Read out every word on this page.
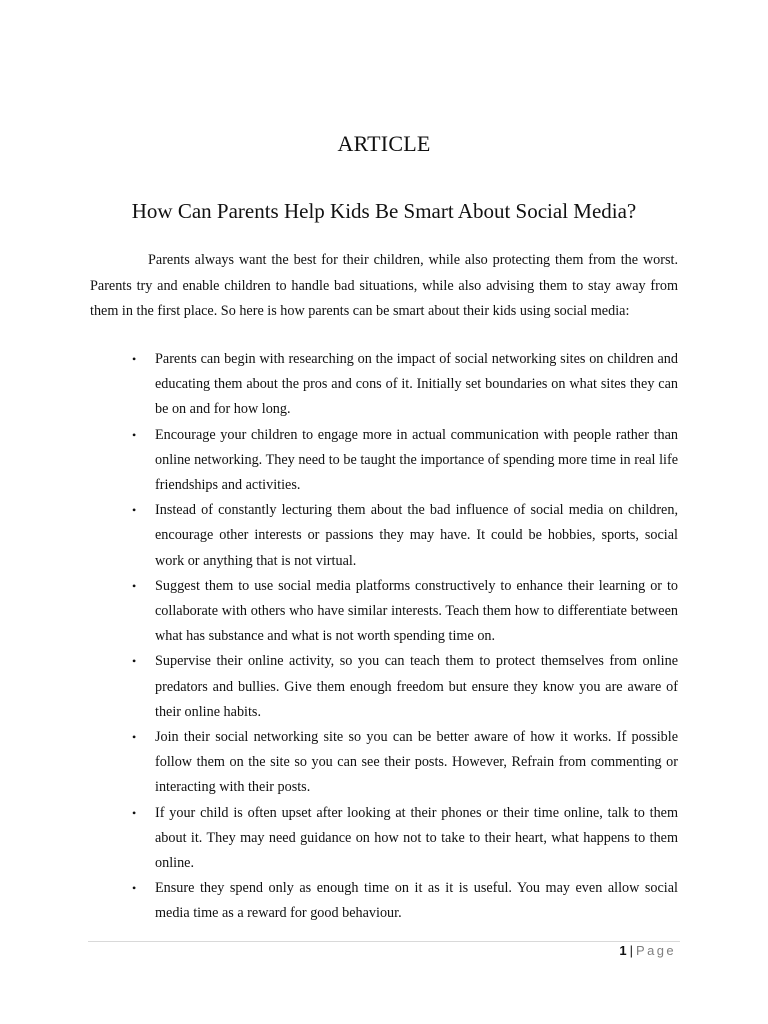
ARTICLE
How Can Parents Help Kids Be Smart About Social Media?

Parents always want the best for their children, while also protecting them from the worst. Parents try and enable children to handle bad situations, while also advising them to stay away from them in the first place. So here is how parents can be smart about their kids using social media:

• Parents can begin with researching on the impact of social networking sites on children and educating them about the pros and cons of it. Initially set boundaries on what sites they can be on and for how long.
• Encourage your children to engage more in actual communication with people rather than online networking. They need to be taught the importance of spending more time in real life friendships and activities.
• Instead of constantly lecturing them about the bad influence of social media on children, encourage other interests or passions they may have. It could be hobbies, sports, social work or anything that is not virtual.
• Suggest them to use social media platforms constructively to enhance their learning or to collaborate with others who have similar interests. Teach them how to differentiate between what has substance and what is not worth spending time on.
• Supervise their online activity, so you can teach them to protect themselves from online predators and bullies. Give them enough freedom but ensure they know you are aware of their online habits.
• Join their social networking site so you can be better aware of how it works. If possible follow them on the site so you can see their posts. However, Refrain from commenting or interacting with their posts.
• If your child is often upset after looking at their phones or their time online, talk to them about it. They may need guidance on how not to take to their heart, what happens to them online.
• Ensure they spend only as enough time on it as it is useful. You may even allow social media time as a reward for good behaviour.
1 | Page
